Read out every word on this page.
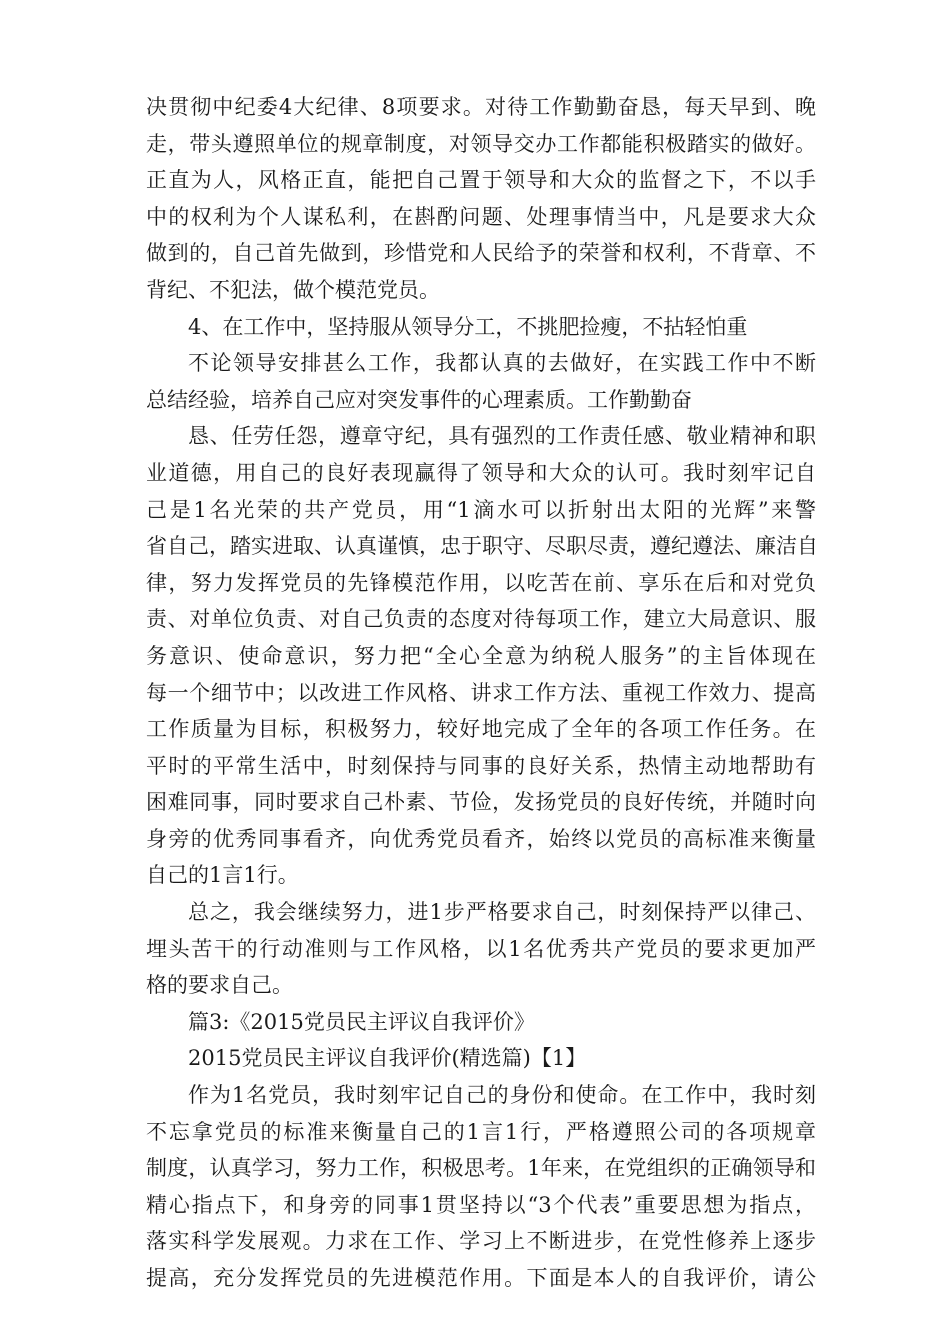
决贯彻中纪委4大纪律、8项要求。对待工作勤勤奋恳，每天早到、晚
走，带头遵照单位的规章制度，对领导交办工作都能积极踏实的做好。
正直为人，风格正直，能把自己置于领导和大众的监督之下，不以手
中的权利为个人谋私利，在斟酌问题、处理事情当中，凡是要求大众
做到的，自己首先做到，珍惜党和人民给予的荣誉和权利，不背章、不
背纪、不犯法，做个模范党员。
4、在工作中，坚持服从领导分工，不挑肥捡瘦，不拈轻怕重
不论领导安排甚么工作，我都认真的去做好，在实践工作中不断
总结经验，培养自己应对突发事件的心理素质。工作勤勤奋
恳、任劳任怨，遵章守纪，具有强烈的工作责任感、敬业精神和职
业道德，用自己的良好表现赢得了领导和大众的认可。我时刻牢记自
己是1名光荣的共产党员，用“1滴水可以折射出太阳的光辉”来警
省自己，踏实进取、认真谨慎，忠于职守、尽职尽责，遵纪遵法、廉洁自
律，努力发挥党员的先锋模范作用，以吃苦在前、享乐在后和对党负
责、对单位负责、对自己负责的态度对待每项工作，建立大局意识、服
务意识、使命意识，努力把“全心全意为纳税人服务”的主旨体现在
每一个细节中；以改进工作风格、讲求工作方法、重视工作效力、提高
工作质量为目标，积极努力，较好地完成了全年的各项工作任务。在
平时的平常生活中，时刻保持与同事的良好关系，热情主动地帮助有
困难同事，同时要求自己朴素、节俭，发扬党员的良好传统，并随时向
身旁的优秀同事看齐，向优秀党员看齐，始终以党员的高标准来衡量
自己的1言1行。
总之，我会继续努力，进1步严格要求自己，时刻保持严以律己、
埋头苦干的行动准则与工作风格，以1名优秀共产党员的要求更加严
格的要求自己。
篇3:《2015党员民主评议自我评价》
2015党员民主评议自我评价(精选篇)【1】
作为1名党员，我时刻牢记自己的身份和使命。在工作中，我时刻
不忘拿党员的标准来衡量自己的1言1行，严格遵照公司的各项规章
制度，认真学习，努力工作，积极思考。1年来，在党组织的正确领导和
精心指点下，和身旁的同事1贯坚持以“3个代表”重要思想为指点，
落实科学发展观。力求在工作、学习上不断进步，在党性修养上逐步
提高，充分发挥党员的先进模范作用。下面是本人的自我评价，请公
